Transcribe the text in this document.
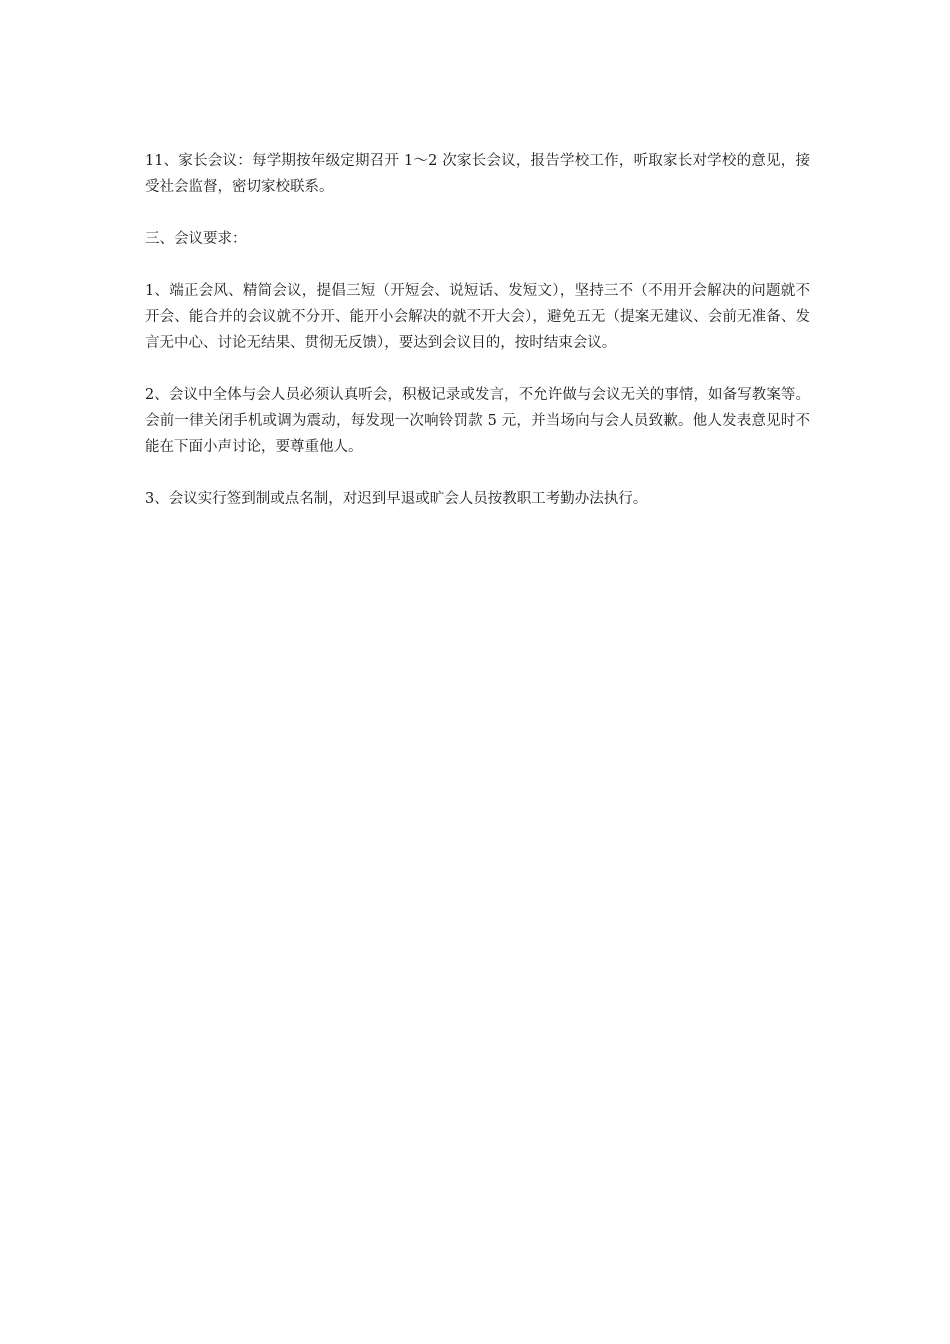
11、家长会议：每学期按年级定期召开 1～2 次家长会议，报告学校工作，听取家长对学校的意见，接受社会监督，密切家校联系。

三、会议要求：

1、端正会风、精简会议，提倡三短（开短会、说短话、发短文），坚持三不（不用开会解决的问题就不开会、能合并的会议就不分开、能开小会解决的就不开大会），避免五无（提案无建议、会前无准备、发言无中心、讨论无结果、贯彻无反馈），要达到会议目的，按时结束会议。

2、会议中全体与会人员必须认真听会，积极记录或发言，不允许做与会议无关的事情，如备写教案等。会前一律关闭手机或调为震动，每发现一次响铃罚款 5 元，并当场向与会人员致歉。他人发表意见时不能在下面小声讨论，要尊重他人。

3、会议实行签到制或点名制，对迟到早退或旷会人员按教职工考勤办法执行。
